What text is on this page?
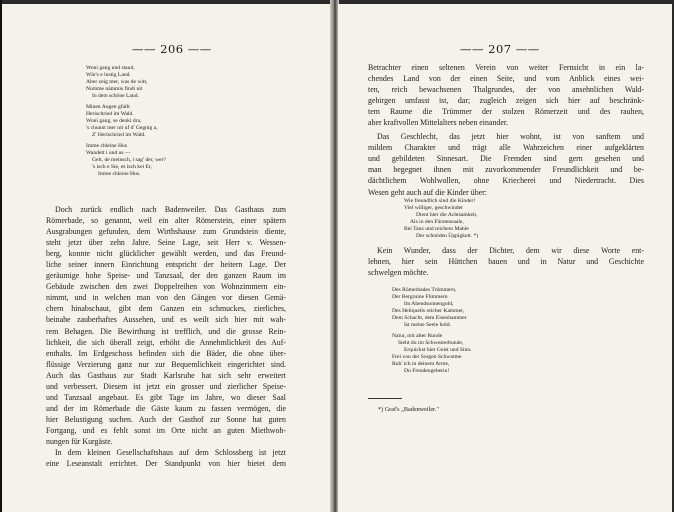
—— 206 ——
Woni gang und staud,
Wär's e lustig Land.
Aber zeig mer, was de witt,
Numme nämmis findi nit
In dem schöne Land.
Minen Augen gfallt
Herischried im Wald.
Woni gang, se denki dra,
's chunnt mer nit uf d' Gegnig a,
Z' Herischried im Wald.
Imme chleine Hus
Wandelt i und us —
Gelt, de meinsch, i sag' der, wer?
's isch e Sie, es isch kei Er,
Imme chleine Hus.
Doch zurück endlich nach Badenweiler. Das Gasthaus zum
Römerbade, so genannt, weil ein alter Römerstein, einer spätern
Ausgrabungen gefunden, dem Wirthshause zum Grundstein diente,
steht jetzt über zehn Jahre. Seine Lage, seit Herr v. Wessen-
berg, konnte nicht glücklicher gewählt werden, und das Freund-
liche seiner innern Einrichtung entspricht der heitern Lage. Der
geräumige hohe Speise- und Tanzsaal, der den ganzen Raum im
Gebäude zwischen den zwei Doppelreihen von Wohnzimmern ein-
nimmt, und in welchen man von den Gängen vor diesen Gemä-
chern hinabschaut, gibt dem Ganzen ein schmuckes, zierliches,
beinahe zauberhaftes Aussehen, und es weilt sich hier mit wah-
rem Behagen. Die Bewirthung ist trefflich, und die grosse Rein-
lichkeit, die sich überall zeigt, erhöht die Annehmlichkeit des Auf-
enthalts. Im Erdgeschoss befinden sich die Bäder, die ohne über-
flüssige Verzierung ganz nur zur Bequemlichkeit eingerichtet sind.
Auch das Gasthaus zur Stadt Karlsruhe hat sich sehr erweitert
und verbessert. Diesem ist jetzt ein grosser und zierlicher Speise-
und Tanzsaal angebaut. Es gibt Tage im Jahre, wo dieser Saal
und der im Römerbade die Gäste kaum zu fassen vermögen, die
hier Belustigung suchen. Auch der Gasthof zur Sonne hat guten
Fortgang, und es fehlt sonst im Orte nicht an guten Miethwoh-
nungen für Kurgäste.
In dem kleinen Gesellschaftshaus auf dem Schlossberg ist jetzt
eine Leseanstalt errichtet. Der Standpunkt von hier bietet dem
—— 207 ——
Betrachter einen seltenen Verein von weiter Fernsicht in ein la-
chendes Land von der einen Seite, und vom Anblick eines wei-
ten, reich bewachsenen Thalgrundes, der von ansehnlichen Wald-
gebirgen umfasst ist, dar; zugleich zeigen sich hier auf beschränk-
tem Raume die Trümmer der stolzen Römerzeit und des rauhen,
aber kraftvollen Mittelalters neben einander.
Das Geschlecht, das jetzt hier wohnt, ist von sanftem und
mildem Charakter und trägt alle Wahrzeichen einer aufgeklärten
und gebildeten Sinnesart. Die Fremden sind gern gesehen und
man begegnet ihnen mit zuvorkommender Freundlichkeit und be-
dächtlichem Wohlwollen, ohne Kriecherei und Niedertracht. Dies
Wesen geht auch auf die Kinder über:
Wie freundlich sind die Kinder!
Viel williger, geschwinder
Dient hier die Achtsamkeit,
Als in den Fürstensaale,
Bei Tanz und reichem Mahle
Der schnöden Üppigkeit. *)
Kein Wunder, dass der Dichter, dem wir diese Worte ent-
lehnen, hier sein Hüttchen bauen und in Natur und Geschichte
schwelgen möchte.
Des Römerbades Trümmern,
Der Bergruine Flimmern
Im Abendsonnengold,
Des Heilquells reicher Kammer,
Dem Schacht, dem Eisenhammer
Ist meine Seele hold.
Natur, mit alter Runde
Steht du im Schwesterbunde,
Erquickst hier Geist und Sinn.
Frei von der Sorgen Schwarme
Ruh' ich in deinem Arme,
Du Freudengeberin!
*) Graf's „Badenweiler."
